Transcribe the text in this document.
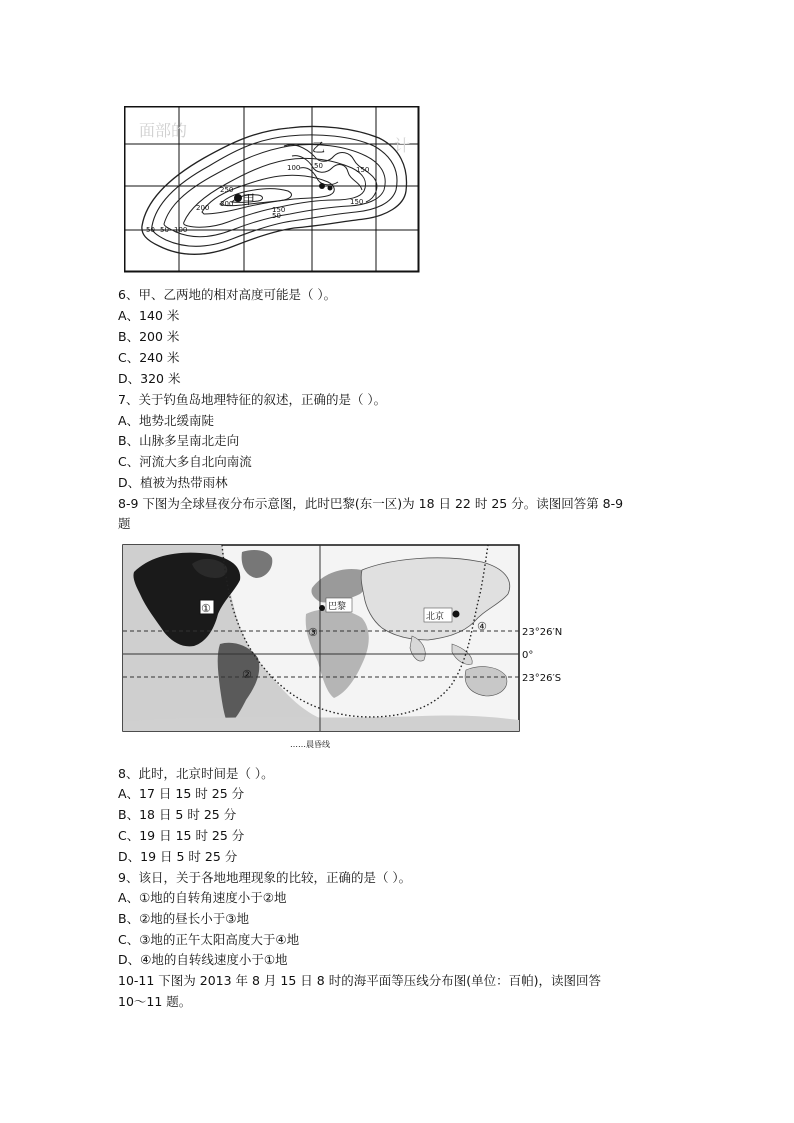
面部的
计
乙
甲
100	150
150
250
200 300
50 50 100
150
50
50
6、甲、乙两地的相对高度可能是（ ）。
A、140 米
B、200 米
C、240 米
D、320 米
7、关于钓鱼岛地理特征的叙述，正确的是（ ）。
A、地势北缓南陡
B、山脉多呈南北走向
C、河流大多自北向南流
D、植被为热带雨林
8-9 下图为全球昼夜分布示意图，此时巴黎(东一区)为 18 日 22 时 25 分。读图回答第 8-9
题
①
②
③	④
巴黎
北京
23°26′N
0°
23°26′S
……晨昏线
8、此时，北京时间是（ ）。
A、17 日 15 时 25 分
B、18 日 5 时 25 分
C、19 日 15 时 25 分
D、19 日 5 时 25 分
9、该日，关于各地地理现象的比较，正确的是（ ）。
A、①地的自转角速度小于②地
B、②地的昼长小于③地
C、③地的正午太阳高度大于④地
D、④地的自转线速度小于①地
10-11 下图为 2013 年 8 月 15 日 8 时的海平面等压线分布图(单位：百帕)，读图回答
10～11 题。
